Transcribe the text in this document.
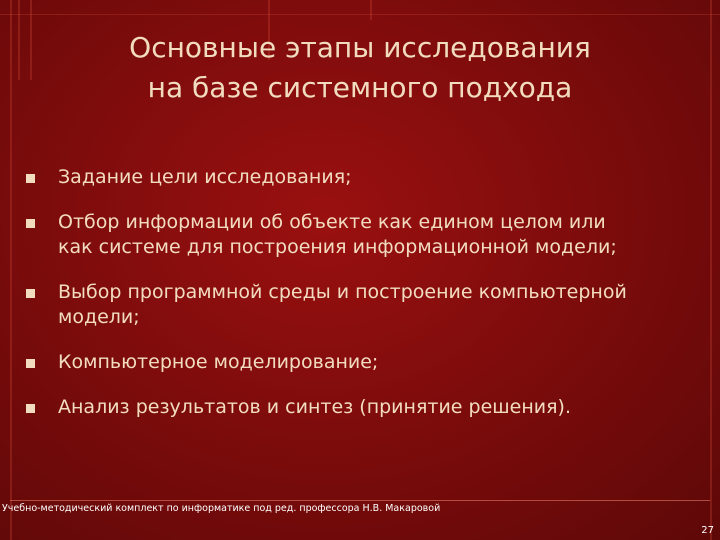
Основные этапы исследования
на базе системного подхода
Задание цели исследования;
Отбор информации об объекте как едином целом или
как системе для построения информационной модели;
Выбор программной среды и построение компьютерной
модели;
Компьютерное моделирование;
Анализ результатов и синтез (принятие решения).
Учебно-методический комплект по информатике под ред. профессора Н.В. Макаровой
27
